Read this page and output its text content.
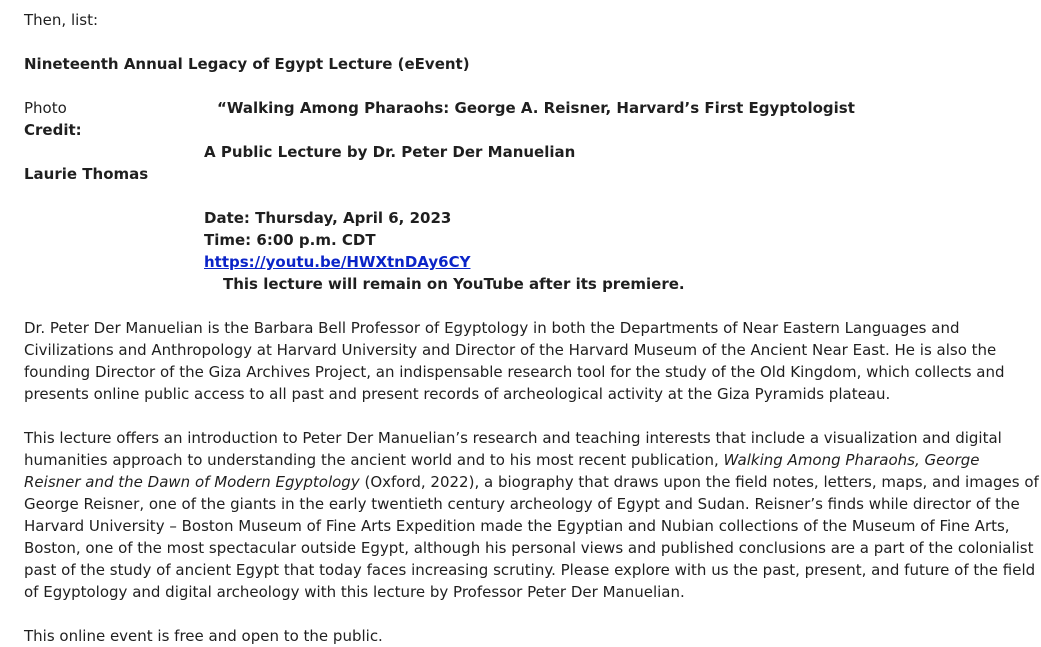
Then, list:
Nineteenth Annual Legacy of Egypt Lecture (eEvent)
Photo
Credit:
Laurie Thomas
“Walking Among Pharaohs: George A. Reisner, Harvard’s First Egyptologist
A Public Lecture by Dr. Peter Der Manuelian
Date: Thursday, April 6, 2023
Time: 6:00 p.m. CDT
https://youtu.be/HWXtnDAy6CY
This lecture will remain on YouTube after its premiere.
Dr. Peter Der Manuelian is the Barbara Bell Professor of Egyptology in both the Departments of Near Eastern Languages and
Civilizations and Anthropology at Harvard University and Director of the Harvard Museum of the Ancient Near East. He is also the
founding Director of the Giza Archives Project, an indispensable research tool for the study of the Old Kingdom, which collects and
presents online public access to all past and present records of archeological activity at the Giza Pyramids plateau.
This lecture offers an introduction to Peter Der Manuelian’s research and teaching interests that include a visualization and digital
humanities approach to understanding the ancient world and to his most recent publication, Walking Among Pharaohs, George
Reisner and the Dawn of Modern Egyptology (Oxford, 2022), a biography that draws upon the field notes, letters, maps, and images of
George Reisner, one of the giants in the early twentieth century archeology of Egypt and Sudan. Reisner’s finds while director of the
Harvard University – Boston Museum of Fine Arts Expedition made the Egyptian and Nubian collections of the Museum of Fine Arts,
Boston, one of the most spectacular outside Egypt, although his personal views and published conclusions are a part of the colonialist
past of the study of ancient Egypt that today faces increasing scrutiny. Please explore with us the past, present, and future of the field
of Egyptology and digital archeology with this lecture by Professor Peter Der Manuelian.
This online event is free and open to the public.
